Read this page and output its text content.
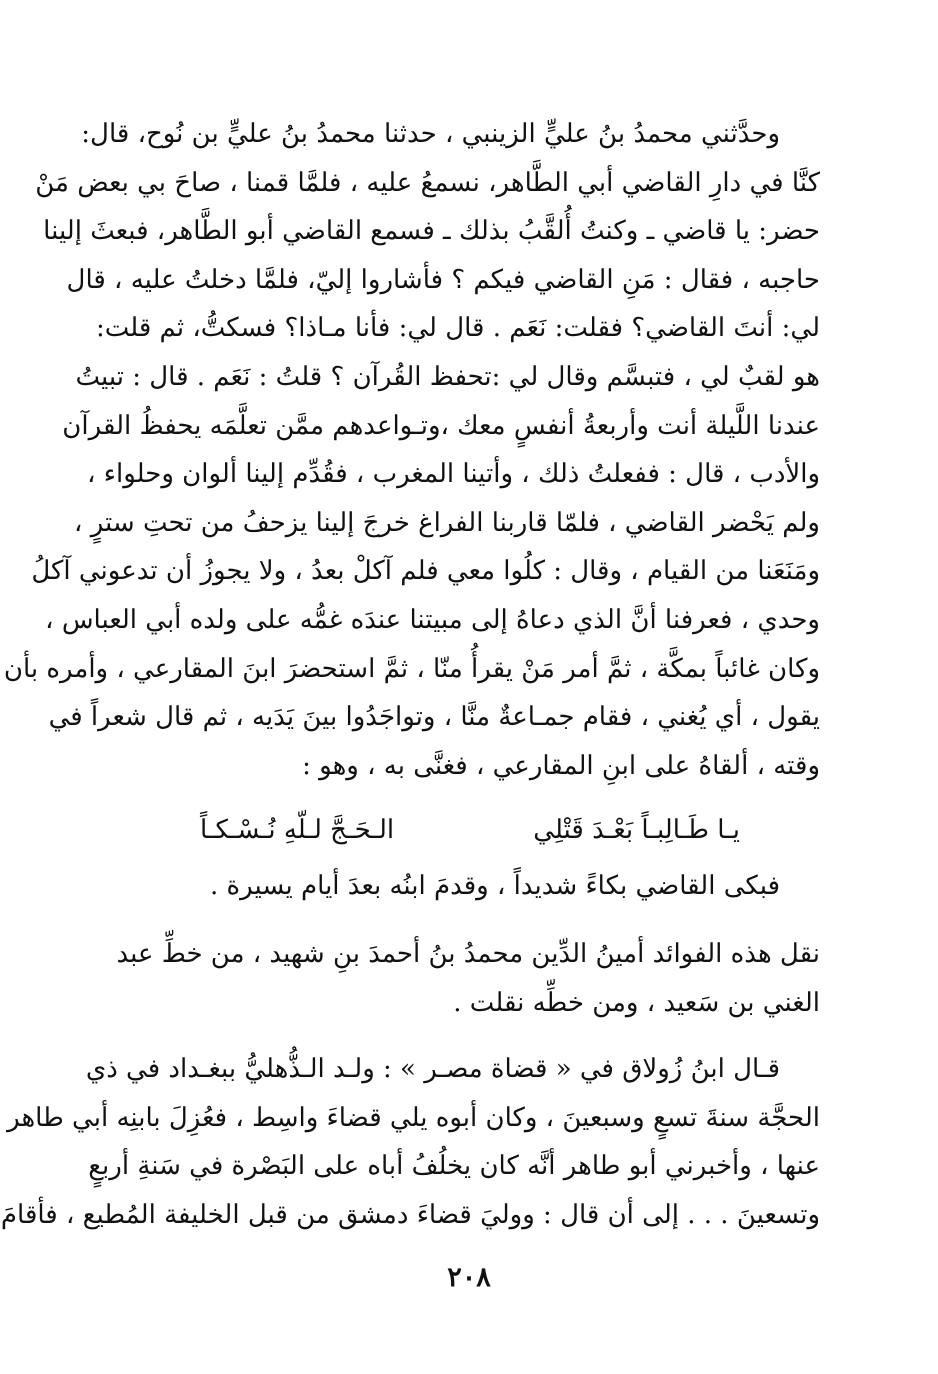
وحدَّثني محمدُ بنُ عليٍّ الزينبي ، حدثنا محمدُ بنُ عليٍّ بن نُوح، قال:
كنَّا في دارِ القاضي أبي الطَّاهر، نسمعُ عليه ، فلمَّا قمنا ، صاحَ بي بعض مَنْ
حضر: يا قاضي ـ وكنتُ أُلقَّبُ بذلك ـ فسمع القاضي أبو الطَّاهر، فبعثَ إلينا
حاجبه ، فقال : مَنِ القاضي فيكم ؟ فأشاروا إليّ، فلمَّا دخلتُ عليه ، قال
لي: أنتَ القاضي؟ فقلت: نَعَم . قال لي: فأنا مـاذا؟ فسكتُّ، ثم قلت:
هو لقبٌ لي ، فتبسَّم وقال لي :تحفظ القُرآن ؟ قلتُ : نَعَم . قال : تبيتُ
عندنا اللَّيلة أنت وأربعةُ أنفسٍ معك ،وتـواعدهم ممَّن تعلَّمَه يحفظُ القرآن
والأدب ، قال : ففعلتُ ذلك ، وأتينا المغرب ، فقُدِّم إلينا ألوان وحلواء ،
ولم يَحْضر القاضي ، فلمّا قاربنا الفراغ خرجَ إلينا يزحفُ من تحتِ سترٍ ،
ومَنَعَنا من القيام ، وقال : كلُوا معي فلم آكلْ بعدُ ، ولا يجوزُ أن تدعوني آكلُ
وحدي ، فعرفنا أنَّ الذي دعاهُ إلى مبيتنا عندَه غمُّه على ولده أبي العباس ،
وكان غائباً بمكَّة ، ثمَّ أمر مَنْ يقرأُ منّا ، ثمَّ استحضرَ ابنَ المقارعي ، وأمره بأن
يقول ، أي يُغني ، فقام جمـاعةٌ منَّا ، وتواجَدُوا بينَ يَدَيه ، ثم قال شعراً في
وقته ، ألقاهُ على ابنِ المقارعي ، فغنَّى به ، وهو :
يـا طَـالِبـاً بَعْـدَ قَتْلِي
الـحَـجَّ لـلّهِ نُـسْـكـاً
فبكى القاضي بكاءً شديداً ، وقدمَ ابنُه بعدَ أيام يسيرة .
نقل هذه الفوائد أمينُ الدِّين محمدُ بنُ أحمدَ بنِ شهيد ، من خطِّ عبد
الغني بن سَعيد ، ومن خطِّه نقلت .
قـال ابنُ زُولاق في « قضاة مصـر » : ولـد الـذُّهليُّ ببغـداد في ذي
الحجَّة سنةَ تسعٍ وسبعينَ ، وكان أبوه يلي قضاءَ واسِط ، فعُزِلَ بابنِه أبي طاهر
عنها ، وأخبرني أبو طاهر أنَّه كان يخلُفُ أباه على البَصْرة في سَنةِ أربعٍ
وتسعينَ . . . إلى أن قال : ووليَ قضاءَ دمشق من قبل الخليفة المُطيع ، فأقامَ
٢٠٨
